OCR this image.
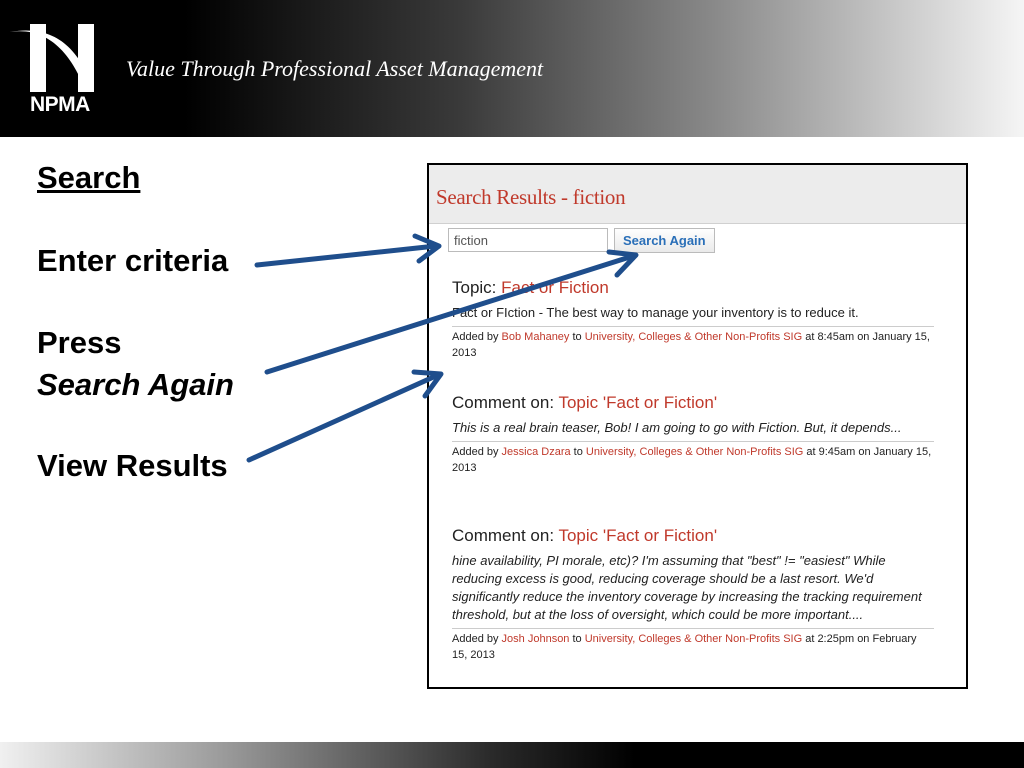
NPMA
Value Through Professional Asset Management
Search
Enter criteria
Press
Search Again
View Results
Search Results - fiction
fiction
Search Again
Topic: Fact or Fiction
Fact or FIction - The best way to manage your inventory is to reduce it.
Added by Bob Mahaney to University, Colleges & Other Non-Profits SIG at 8:45am on January 15, 2013
Comment on: Topic 'Fact or Fiction'
This is a real brain teaser, Bob! I am going to go with Fiction. But, it depends...
Added by Jessica Dzara to University, Colleges & Other Non-Profits SIG at 9:45am on January 15, 2013
Comment on: Topic 'Fact or Fiction'
hine availability, PI morale, etc)? I'm assuming that "best" != "easiest" While reducing excess is good, reducing coverage should be a last resort. We'd significantly reduce the inventory coverage by increasing the tracking requirement threshold, but at the loss of oversight, which could be more important....
Added by Josh Johnson to University, Colleges & Other Non-Profits SIG at 2:25pm on February 15, 2013
